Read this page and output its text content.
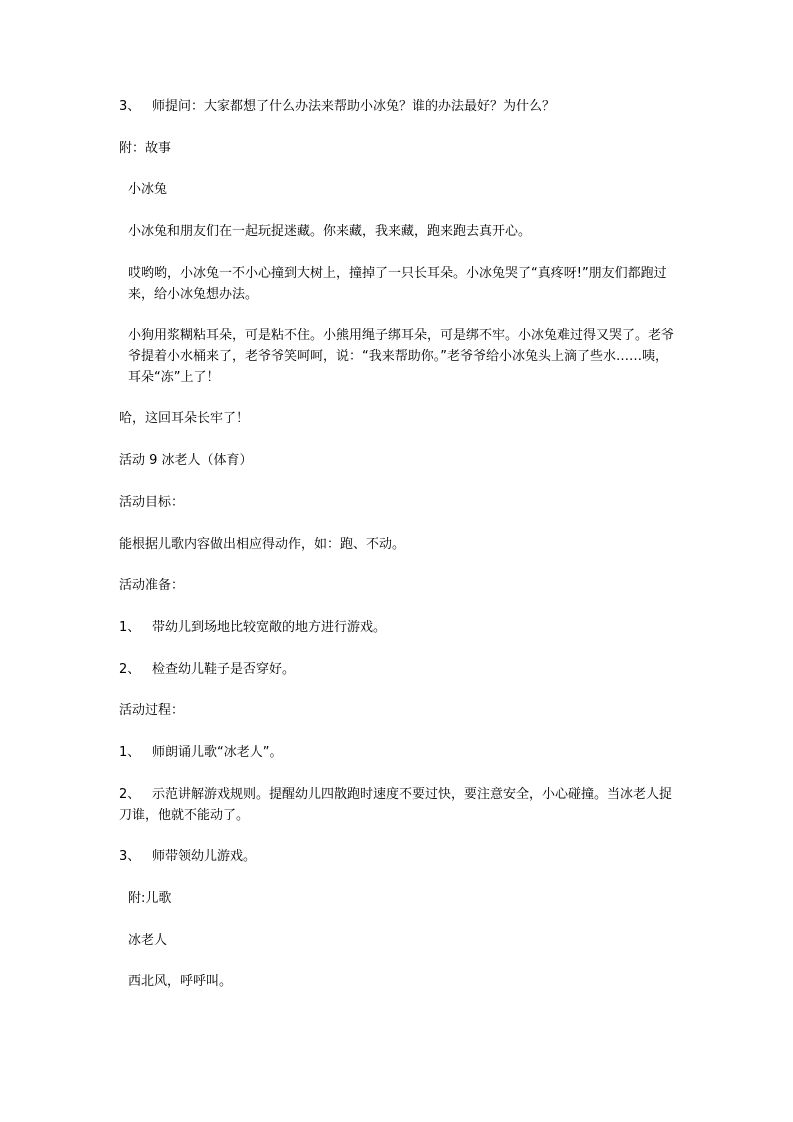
3、 师提问：大家都想了什么办法来帮助小冰兔？谁的办法最好？为什么？
附：故事
小冰兔
小冰兔和朋友们在一起玩捉迷藏。你来藏，我来藏，跑来跑去真开心。
哎哟哟，小冰兔一不小心撞到大树上，撞掉了一只长耳朵。小冰兔哭了“真疼呀!”朋友们都跑过来，给小冰兔想办法。
小狗用浆糊粘耳朵，可是粘不住。小熊用绳子绑耳朵，可是绑不牢。小冰兔难过得又哭了。老爷爷提着小水桶来了，老爷爷笑呵呵，说：“我来帮助你。”老爷爷给小冰兔头上滴了些水……咦，耳朵“冻”上了！
哈，这回耳朵长牢了！
活动 9 冰老人（体育）
活动目标：
能根据儿歌内容做出相应得动作，如：跑、不动。
活动准备：
1、 带幼儿到场地比较宽敞的地方进行游戏。
2、 检查幼儿鞋子是否穿好。
活动过程：
1、 师朗诵儿歌“冰老人”。
2、 示范讲解游戏规则。提醒幼儿四散跑时速度不要过快，要注意安全，小心碰撞。当冰老人捉刀谁，他就不能动了。
3、 师带领幼儿游戏。
附:儿歌
冰老人
西北风，呼呼叫。
